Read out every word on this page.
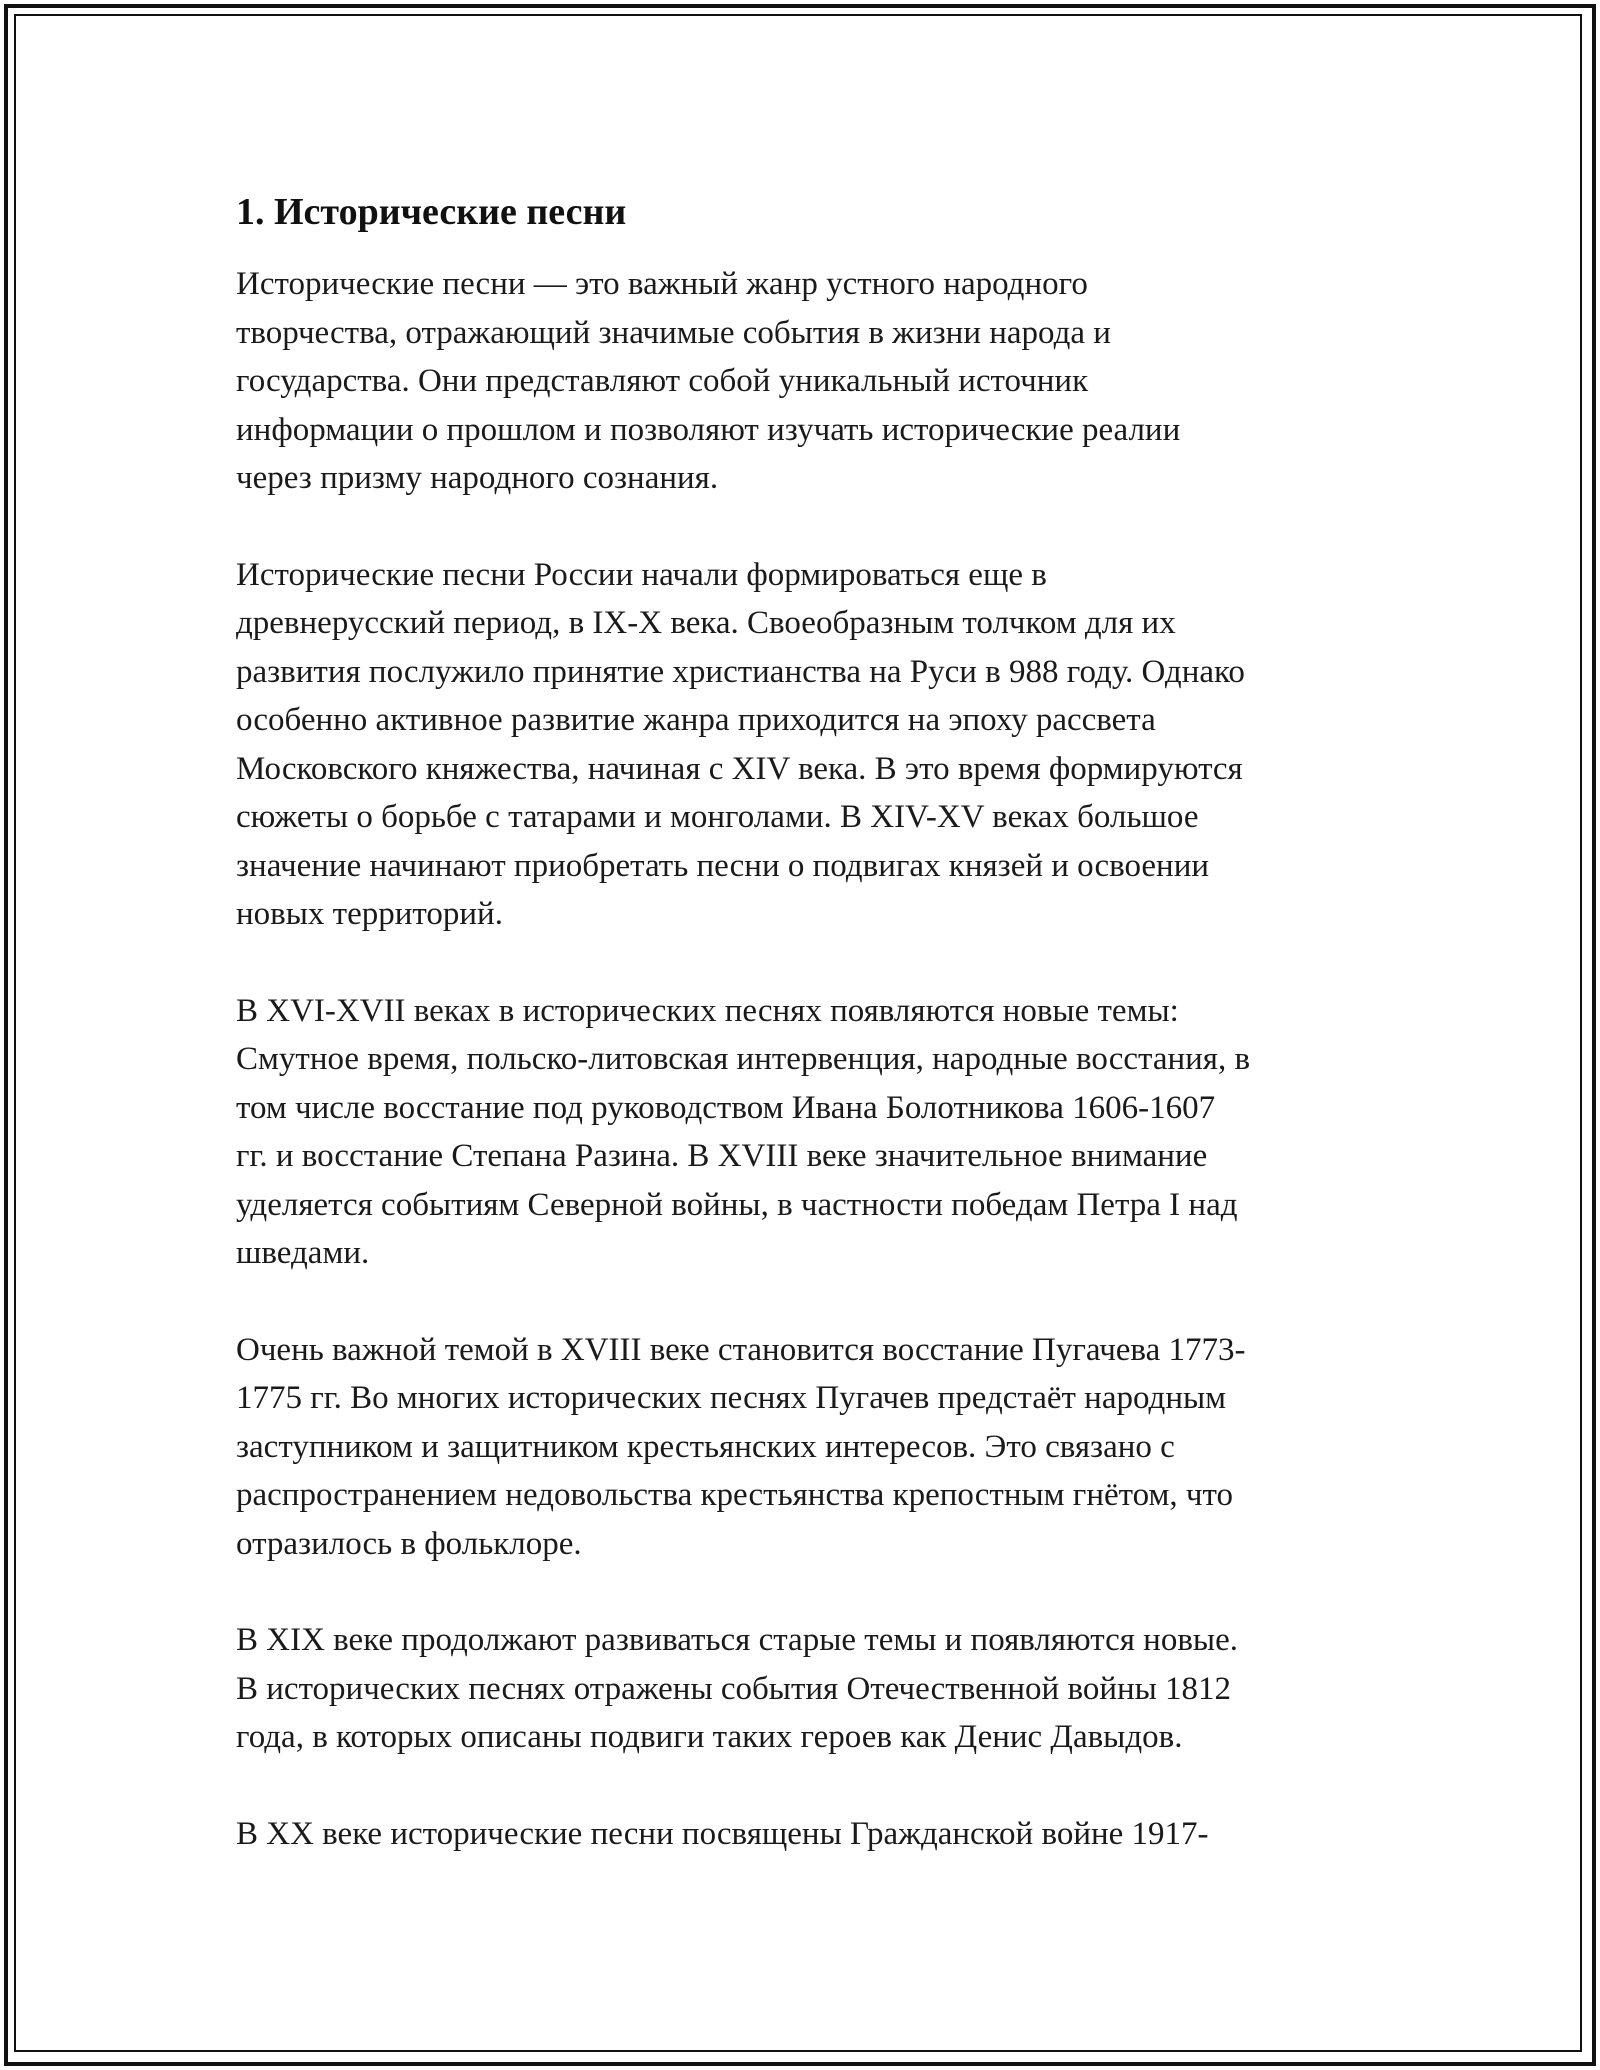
1. Исторические песни
Исторические песни — это важный жанр устного народного
творчества, отражающий значимые события в жизни народа и
государства. Они представляют собой уникальный источник
информации о прошлом и позволяют изучать исторические реалии
через призму народного сознания.
Исторические песни России начали формироваться еще в
древнерусский период, в IX-X века. Своеобразным толчком для их
развития послужило принятие христианства на Руси в 988 году. Однако
особенно активное развитие жанра приходится на эпоху рассвета
Московского княжества, начиная с XIV века. В это время формируются
сюжеты о борьбе с татарами и монголами. В XIV-XV веках большое
значение начинают приобретать песни о подвигах князей и освоении
новых территорий.
В XVI-XVII веках в исторических песнях появляются новые темы:
Смутное время, польско-литовская интервенция, народные восстания, в
том числе восстание под руководством Ивана Болотникова 1606-1607
гг. и восстание Степана Разина. В XVIII веке значительное внимание
уделяется событиям Северной войны, в частности победам Петра I над
шведами.
Очень важной темой в XVIII веке становится восстание Пугачева 1773-
1775 гг. Во многих исторических песнях Пугачев предстаёт народным
заступником и защитником крестьянских интересов. Это связано с
распространением недовольства крестьянства крепостным гнётом, что
отразилось в фольклоре.
В XIX веке продолжают развиваться старые темы и появляются новые.
В исторических песнях отражены события Отечественной войны 1812
года, в которых описаны подвиги таких героев как Денис Давыдов.
В XX веке исторические песни посвящены Гражданской войне 1917-
